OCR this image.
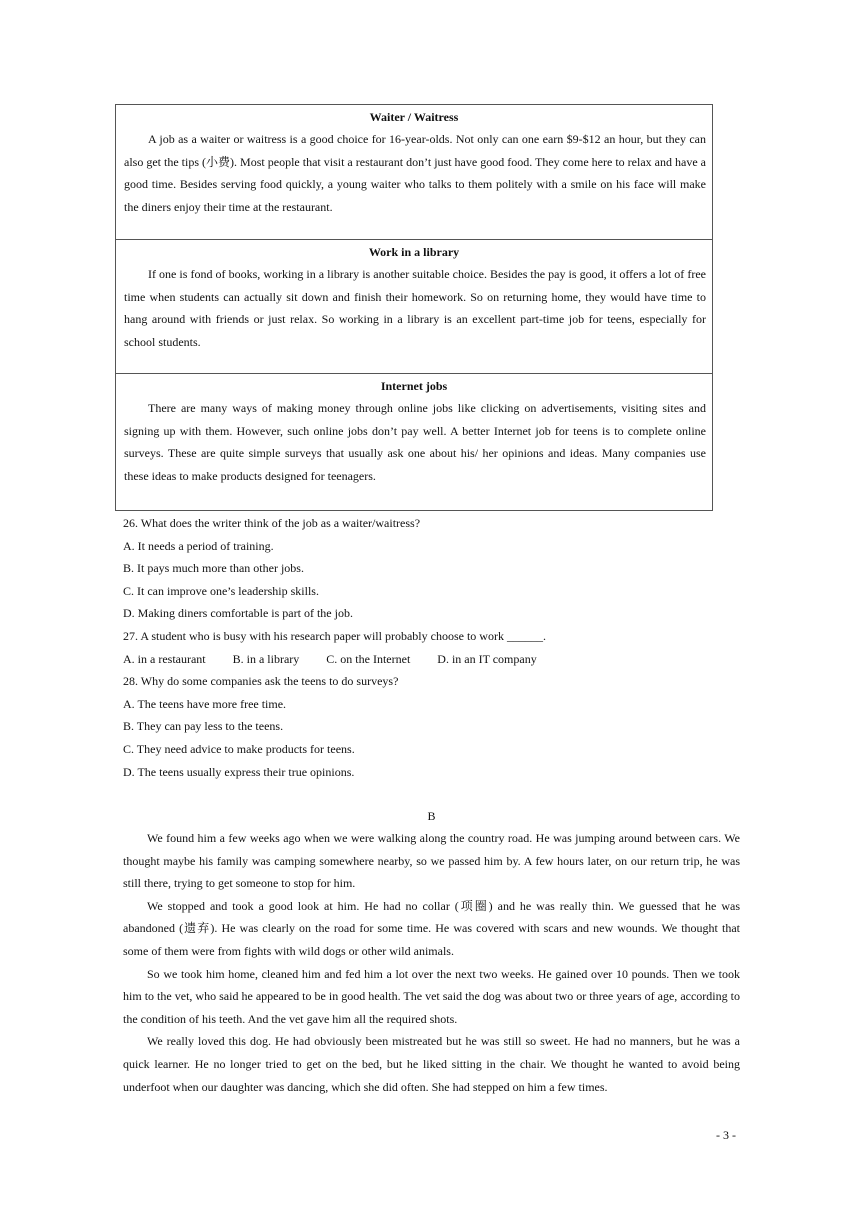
Waiter / Waitress

A job as a waiter or waitress is a good choice for 16-year-olds. Not only can one earn $9-$12 an hour, but they can also get the tips (小费). Most people that visit a restaurant don’t just have good food. They come here to relax and have a good time. Besides serving food quickly, a young waiter who talks to them politely with a smile on his face will make the diners enjoy their time at the restaurant.

Work in a library

If one is fond of books, working in a library is another suitable choice. Besides the pay is good, it offers a lot of free time when students can actually sit down and finish their homework. So on returning home, they would have time to hang around with friends or just relax. So working in a library is an excellent part-time job for teens, especially for school students.

Internet jobs

There are many ways of making money through online jobs like clicking on advertisements, visiting sites and signing up with them. However, such online jobs don’t pay well. A better Internet job for teens is to complete online surveys. These are quite simple surveys that usually ask one about his/ her opinions and ideas. Many companies use these ideas to make products designed for teenagers.

26. What does the writer think of the job as a waiter/waitress?
A. It needs a period of training.
B. It pays much more than other jobs.
C. It can improve one’s leadership skills.
D. Making diners comfortable is part of the job.
27. A student who is busy with his research paper will probably choose to work ______.
A. in a restaurant B. in a library C. on the Internet D. in an IT company
28. Why do some companies ask the teens to do surveys?
A. The teens have more free time.
B. They can pay less to the teens.
C. They need advice to make products for teens.
D. The teens usually express their true opinions.
B

We found him a few weeks ago when we were walking along the country road. He was jumping around between cars. We thought maybe his family was camping somewhere nearby, so we passed him by. A few hours later, on our return trip, he was still there, trying to get someone to stop for him.

We stopped and took a good look at him. He had no collar (项圈) and he was really thin. We guessed that he was abandoned (遗弃). He was clearly on the road for some time. He was covered with scars and new wounds. We thought that some of them were from fights with wild dogs or other wild animals.

So we took him home, cleaned him and fed him a lot over the next two weeks. He gained over 10 pounds. Then we took him to the vet, who said he appeared to be in good health. The vet said the dog was about two or three years of age, according to the condition of his teeth. And the vet gave him all the required shots.

We really loved this dog. He had obviously been mistreated but he was still so sweet. He had no manners, but he was a quick learner. He no longer tried to get on the bed, but he liked sitting in the chair. We thought he wanted to avoid being underfoot when our daughter was dancing, which she did often. She had stepped on him a few times.

- 3 -
